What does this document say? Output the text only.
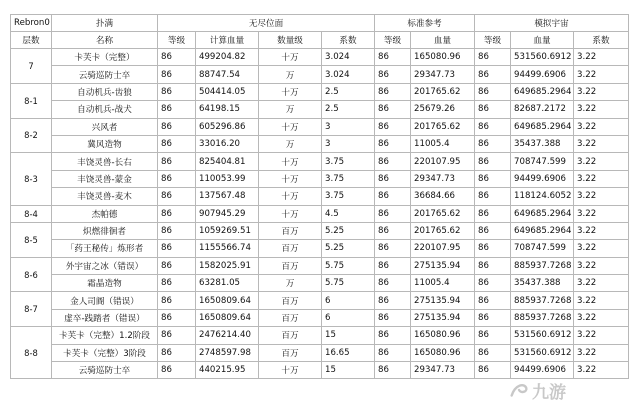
Rebron0	扑满	无尽位面				标准参考		模拟宇宙		
层数	名称	等级	计算血量	数量级	系数	等级	血量	等级	血量	系数
7	卡芙卡（完整）	86	499204.82	十万	3.024	86	165080.96	86	531560.6912	3.22
	云骑巡防士卒	86	88747.54	万	3.024	86	29347.73	86	94499.6906	3.22
8-1	自动机兵-齿狼	86	504414.05	十万	2.5	86	201765.62	86	649685.2964	3.22
	自动机兵-战犬	86	64198.15	万	2.5	86	25679.26	86	82687.2172	3.22
8-2	兴风者	86	605296.86	十万	3	86	201765.62	86	649685.2964	3.22
	冀风造物	86	33016.20	万	3	86	11005.4	86	35437.388	3.22
8-3	丰饶灵兽-长右	86	825404.81	十万	3.75	86	220107.95	86	708747.599	3.22
	丰饶灵兽-蒙金	86	110053.99	十万	3.75	86	29347.73	86	94499.6906	3.22
	丰饶灵兽-麦木	86	137567.48	十万	3.75	86	36684.66	86	118124.6052	3.22
8-4	杰帕德	86	907945.29	十万	4.5	86	201765.62	86	649685.2964	3.22
8-5	炽燃徘徊者	86	1059269.51	百万	5.25	86	201765.62	86	649685.2964	3.22
	「药王秘传」炼形者	86	1155566.74	百万	5.25	86	220107.95	86	708747.599	3.22
8-6	外宇宙之冰（错误）	86	1582025.91	百万	5.75	86	275135.94	86	885937.7268	3.22
	霜晶造物	86	63281.05	万	5.75	86	11005.4	86	35437.388	3.22
8-7	金人司阍（错误）	86	1650809.64	百万	6	86	275135.94	86	885937.7268	3.22
	虚卒-践踏者（错误）	86	1650809.64	百万	6	86	275135.94	86	885937.7268	3.22
8-8	卡芙卡（完整）1.2阶段	86	2476214.40	百万	15	86	165080.96	86	531560.6912	3.22
	卡芙卡（完整）3阶段	86	2748597.98	百万	16.65	86	165080.96	86	531560.6912	3.22
	云骑巡防士卒	86	440215.95	十万	15	86	29347.73	86	94499.6906	3.22
九游
